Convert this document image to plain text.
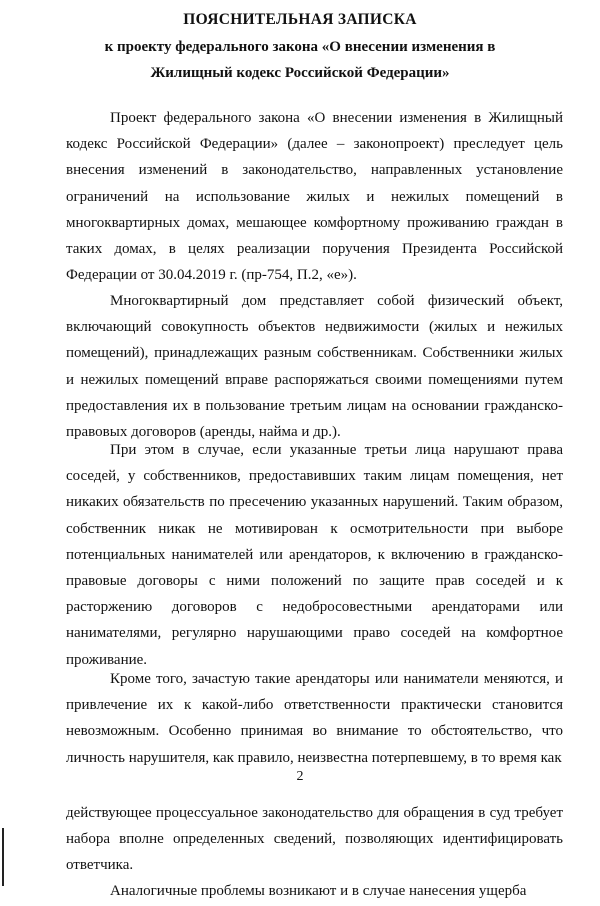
ПОЯСНИТЕЛЬНАЯ ЗАПИСКА
к проекту федерального закона «О внесении изменения в
Жилищный кодекс Российской Федерации»

Проект федерального закона «О внесении изменения в Жилищный кодекс Российской Федерации» (далее – законопроект) преследует цель внесения изменений в законодательство, направленных установление ограничений на использование жилых и нежилых помещений в многоквартирных домах, мешающее комфортному проживанию граждан в таких домах, в целях реализации поручения Президента Российской Федерации от 30.04.2019 г. (пр-754, П.2, «е»).

Многоквартирный дом представляет собой физический объект, включающий совокупность объектов недвижимости (жилых и нежилых помещений), принадлежащих разным собственникам. Собственники жилых и нежилых помещений вправе распоряжаться своими помещениями путем предоставления их в пользование третьим лицам на основании гражданско-правовых договоров (аренды, найма и др.).

При этом в случае, если указанные третьи лица нарушают права соседей, у собственников, предоставивших таким лицам помещения, нет никаких обязательств по пресечению указанных нарушений. Таким образом, собственник никак не мотивирован к осмотрительности при выборе потенциальных нанимателей или арендаторов, к включению в гражданско-правовые договоры с ними положений по защите прав соседей и к расторжению договоров с недобросовестными арендаторами или нанимателями, регулярно нарушающими право соседей на комфортное проживание.

Кроме того, зачастую такие арендаторы или наниматели меняются, и привлечение их к какой-либо ответственности практически становится невозможным. Особенно принимая во внимание то обстоятельство, что личность нарушителя, как правило, неизвестна потерпевшему, в то время как

2

действующее процессуальное законодательство для обращения в суд требует набора вполне определенных сведений, позволяющих идентифицировать ответчика.

Аналогичные проблемы возникают и в случае нанесения ущерба
